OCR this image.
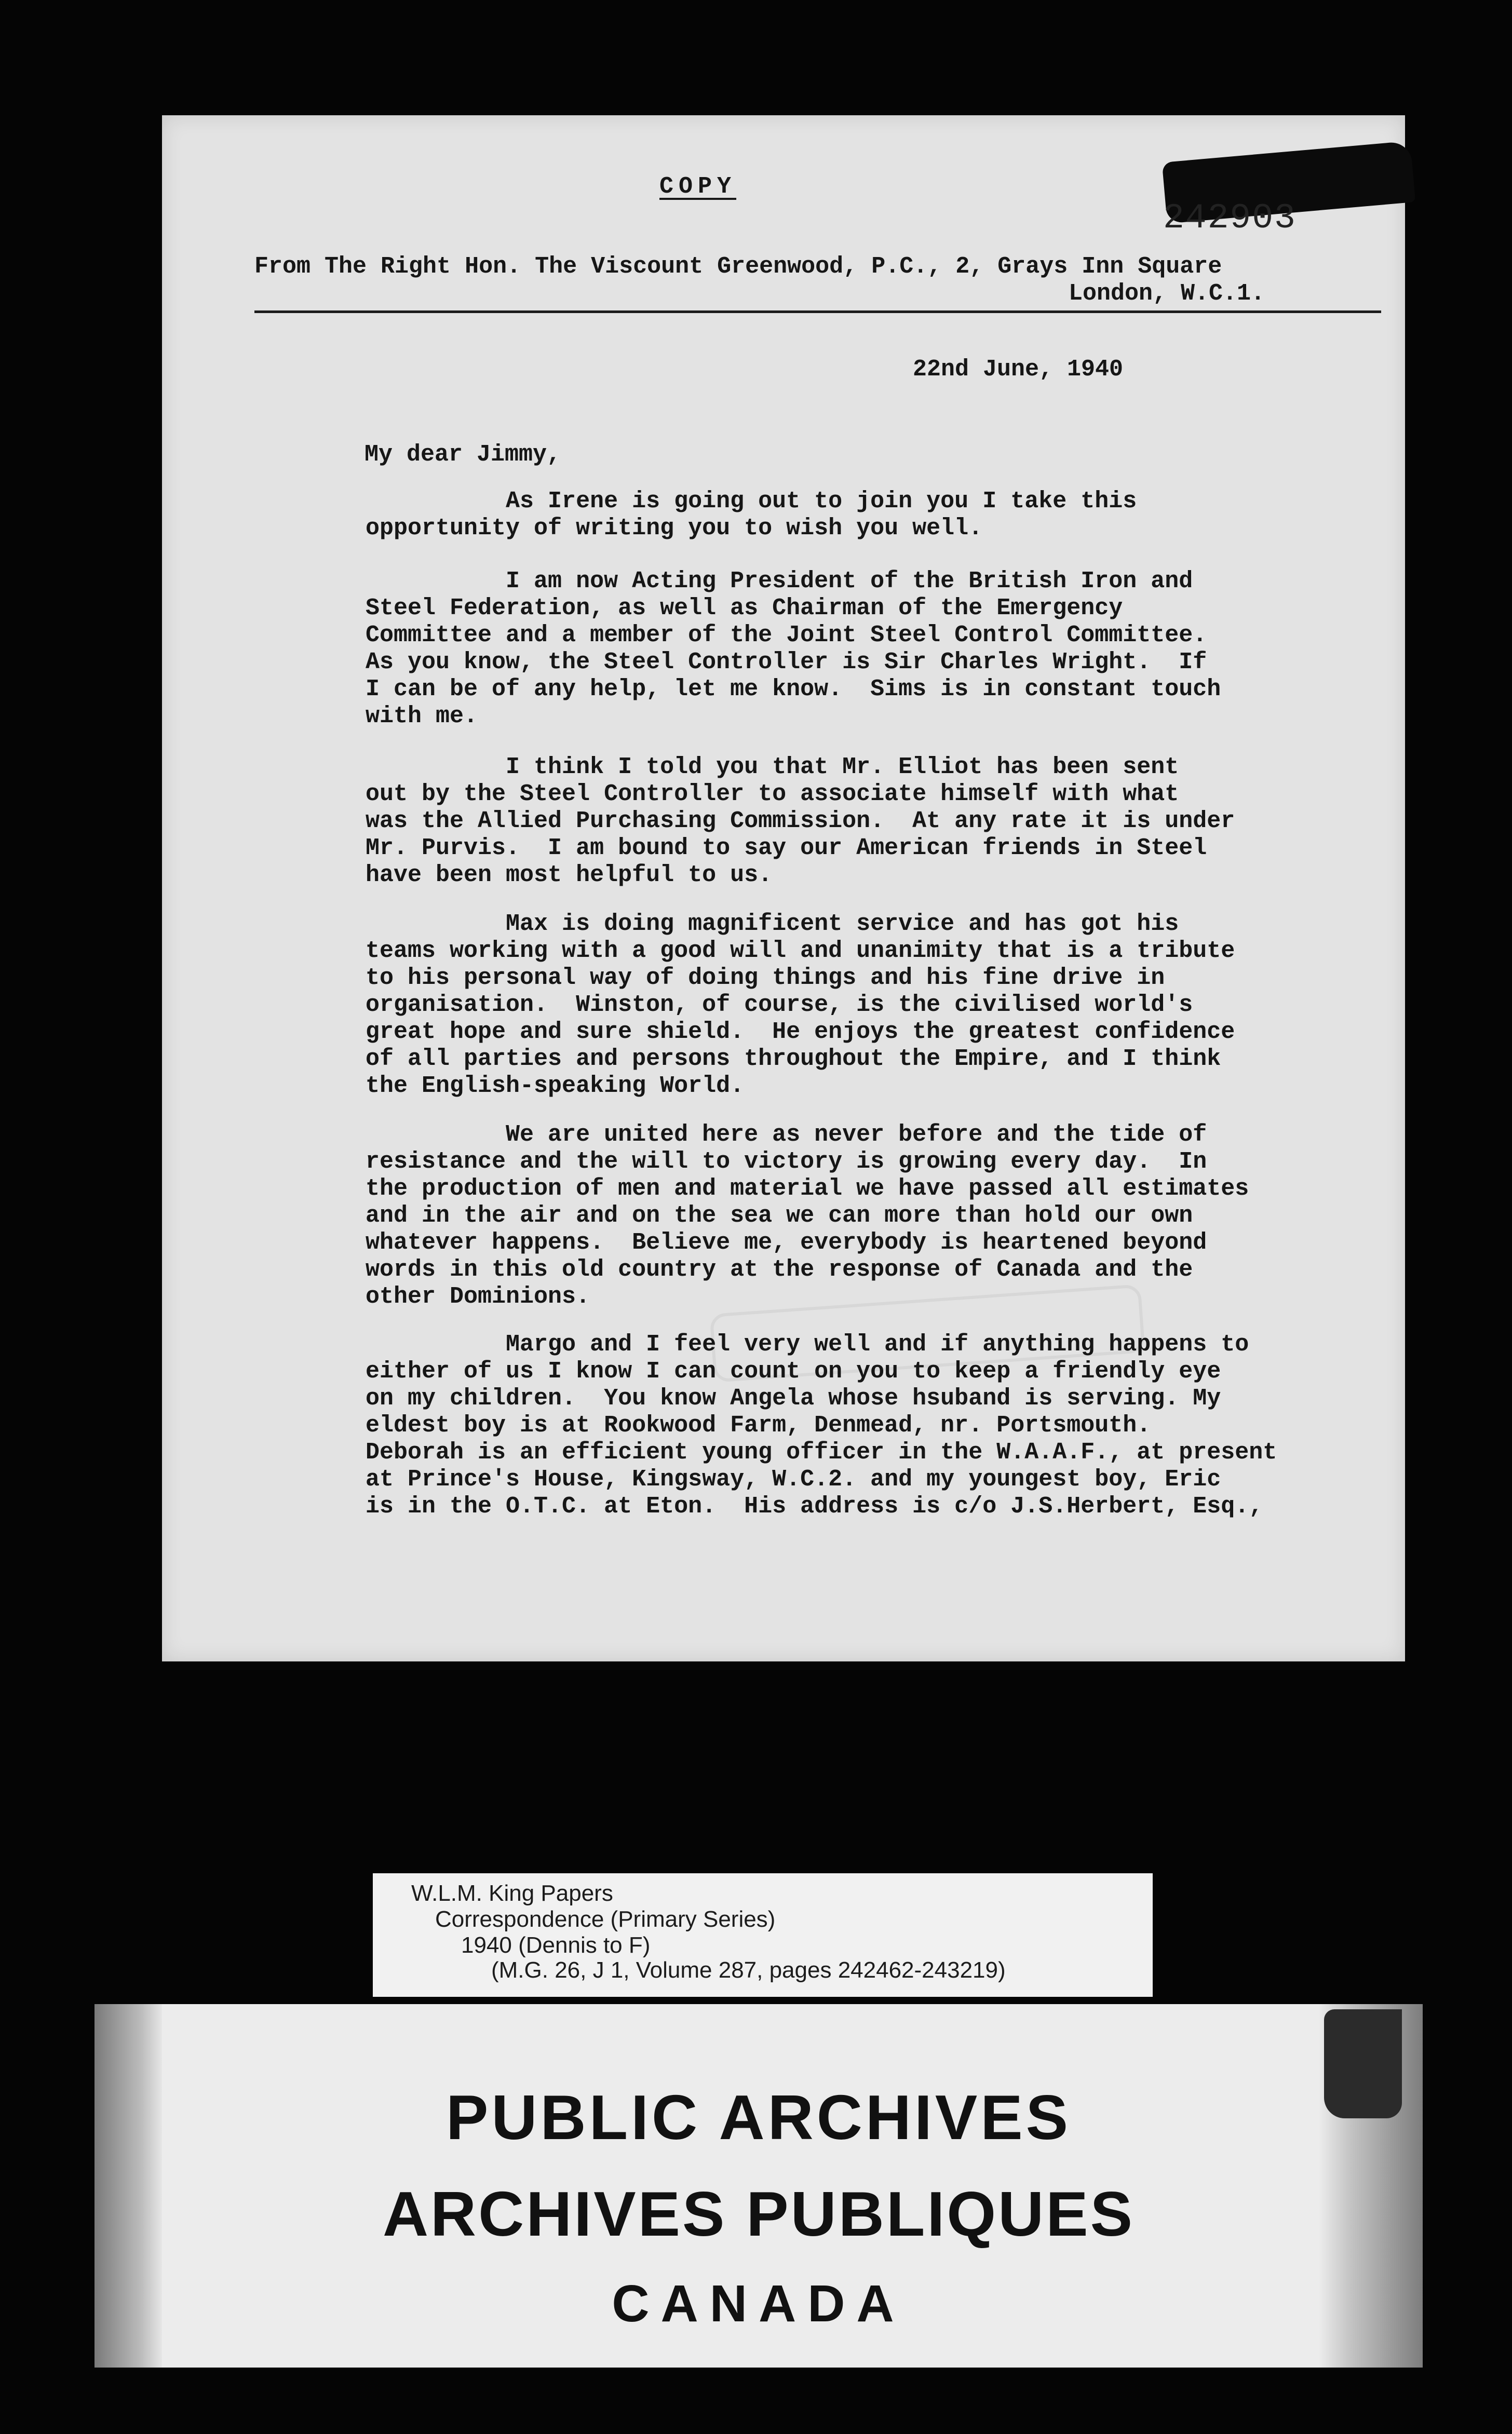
242903

COPY

From The Right Hon. The Viscount Greenwood, P.C., 2, Grays Inn Square

London, W.C.1.

22nd June, 1940

My dear Jimmy,

As Irene is going out to join you I take this
opportunity of writing you to wish you well.

I am now Acting President of the British Iron and
Steel Federation, as well as Chairman of the Emergency
Committee and a member of the Joint Steel Control Committee.
As you know, the Steel Controller is Sir Charles Wright.  If
I can be of any help, let me know.  Sims is in constant touch
with me.

I think I told you that Mr. Elliot has been sent
out by the Steel Controller to associate himself with what
was the Allied Purchasing Commission.  At any rate it is under
Mr. Purvis.  I am bound to say our American friends in Steel
have been most helpful to us.

Max is doing magnificent service and has got his
teams working with a good will and unanimity that is a tribute
to his personal way of doing things and his fine drive in
organisation.  Winston, of course, is the civilised world's
great hope and sure shield.  He enjoys the greatest confidence
of all parties and persons throughout the Empire, and I think
the English-speaking World.

We are united here as never before and the tide of
resistance and the will to victory is growing every day.  In
the production of men and material we have passed all estimates
and in the air and on the sea we can more than hold our own
whatever happens.  Believe me, everybody is heartened beyond
words in this old country at the response of Canada and the
other Dominions.

Margo and I feel very well and if anything happens to
either of us I know I can count on you to keep a friendly eye
on my children.  You know Angela whose hsuband is serving. My
eldest boy is at Rookwood Farm, Denmead, nr. Portsmouth.
Deborah is an efficient young officer in the W.A.A.F., at present
at Prince's House, Kingsway, W.C.2. and my youngest boy, Eric
is in the O.T.C. at Eton.  His address is c/o J.S.Herbert, Esq.,

W.L.M. King Papers

Correspondence (Primary Series)

1940 (Dennis to F)

(M.G. 26, J 1, Volume 287, pages 242462-243219)

PUBLIC ARCHIVES

ARCHIVES PUBLIQUES

CANADA
